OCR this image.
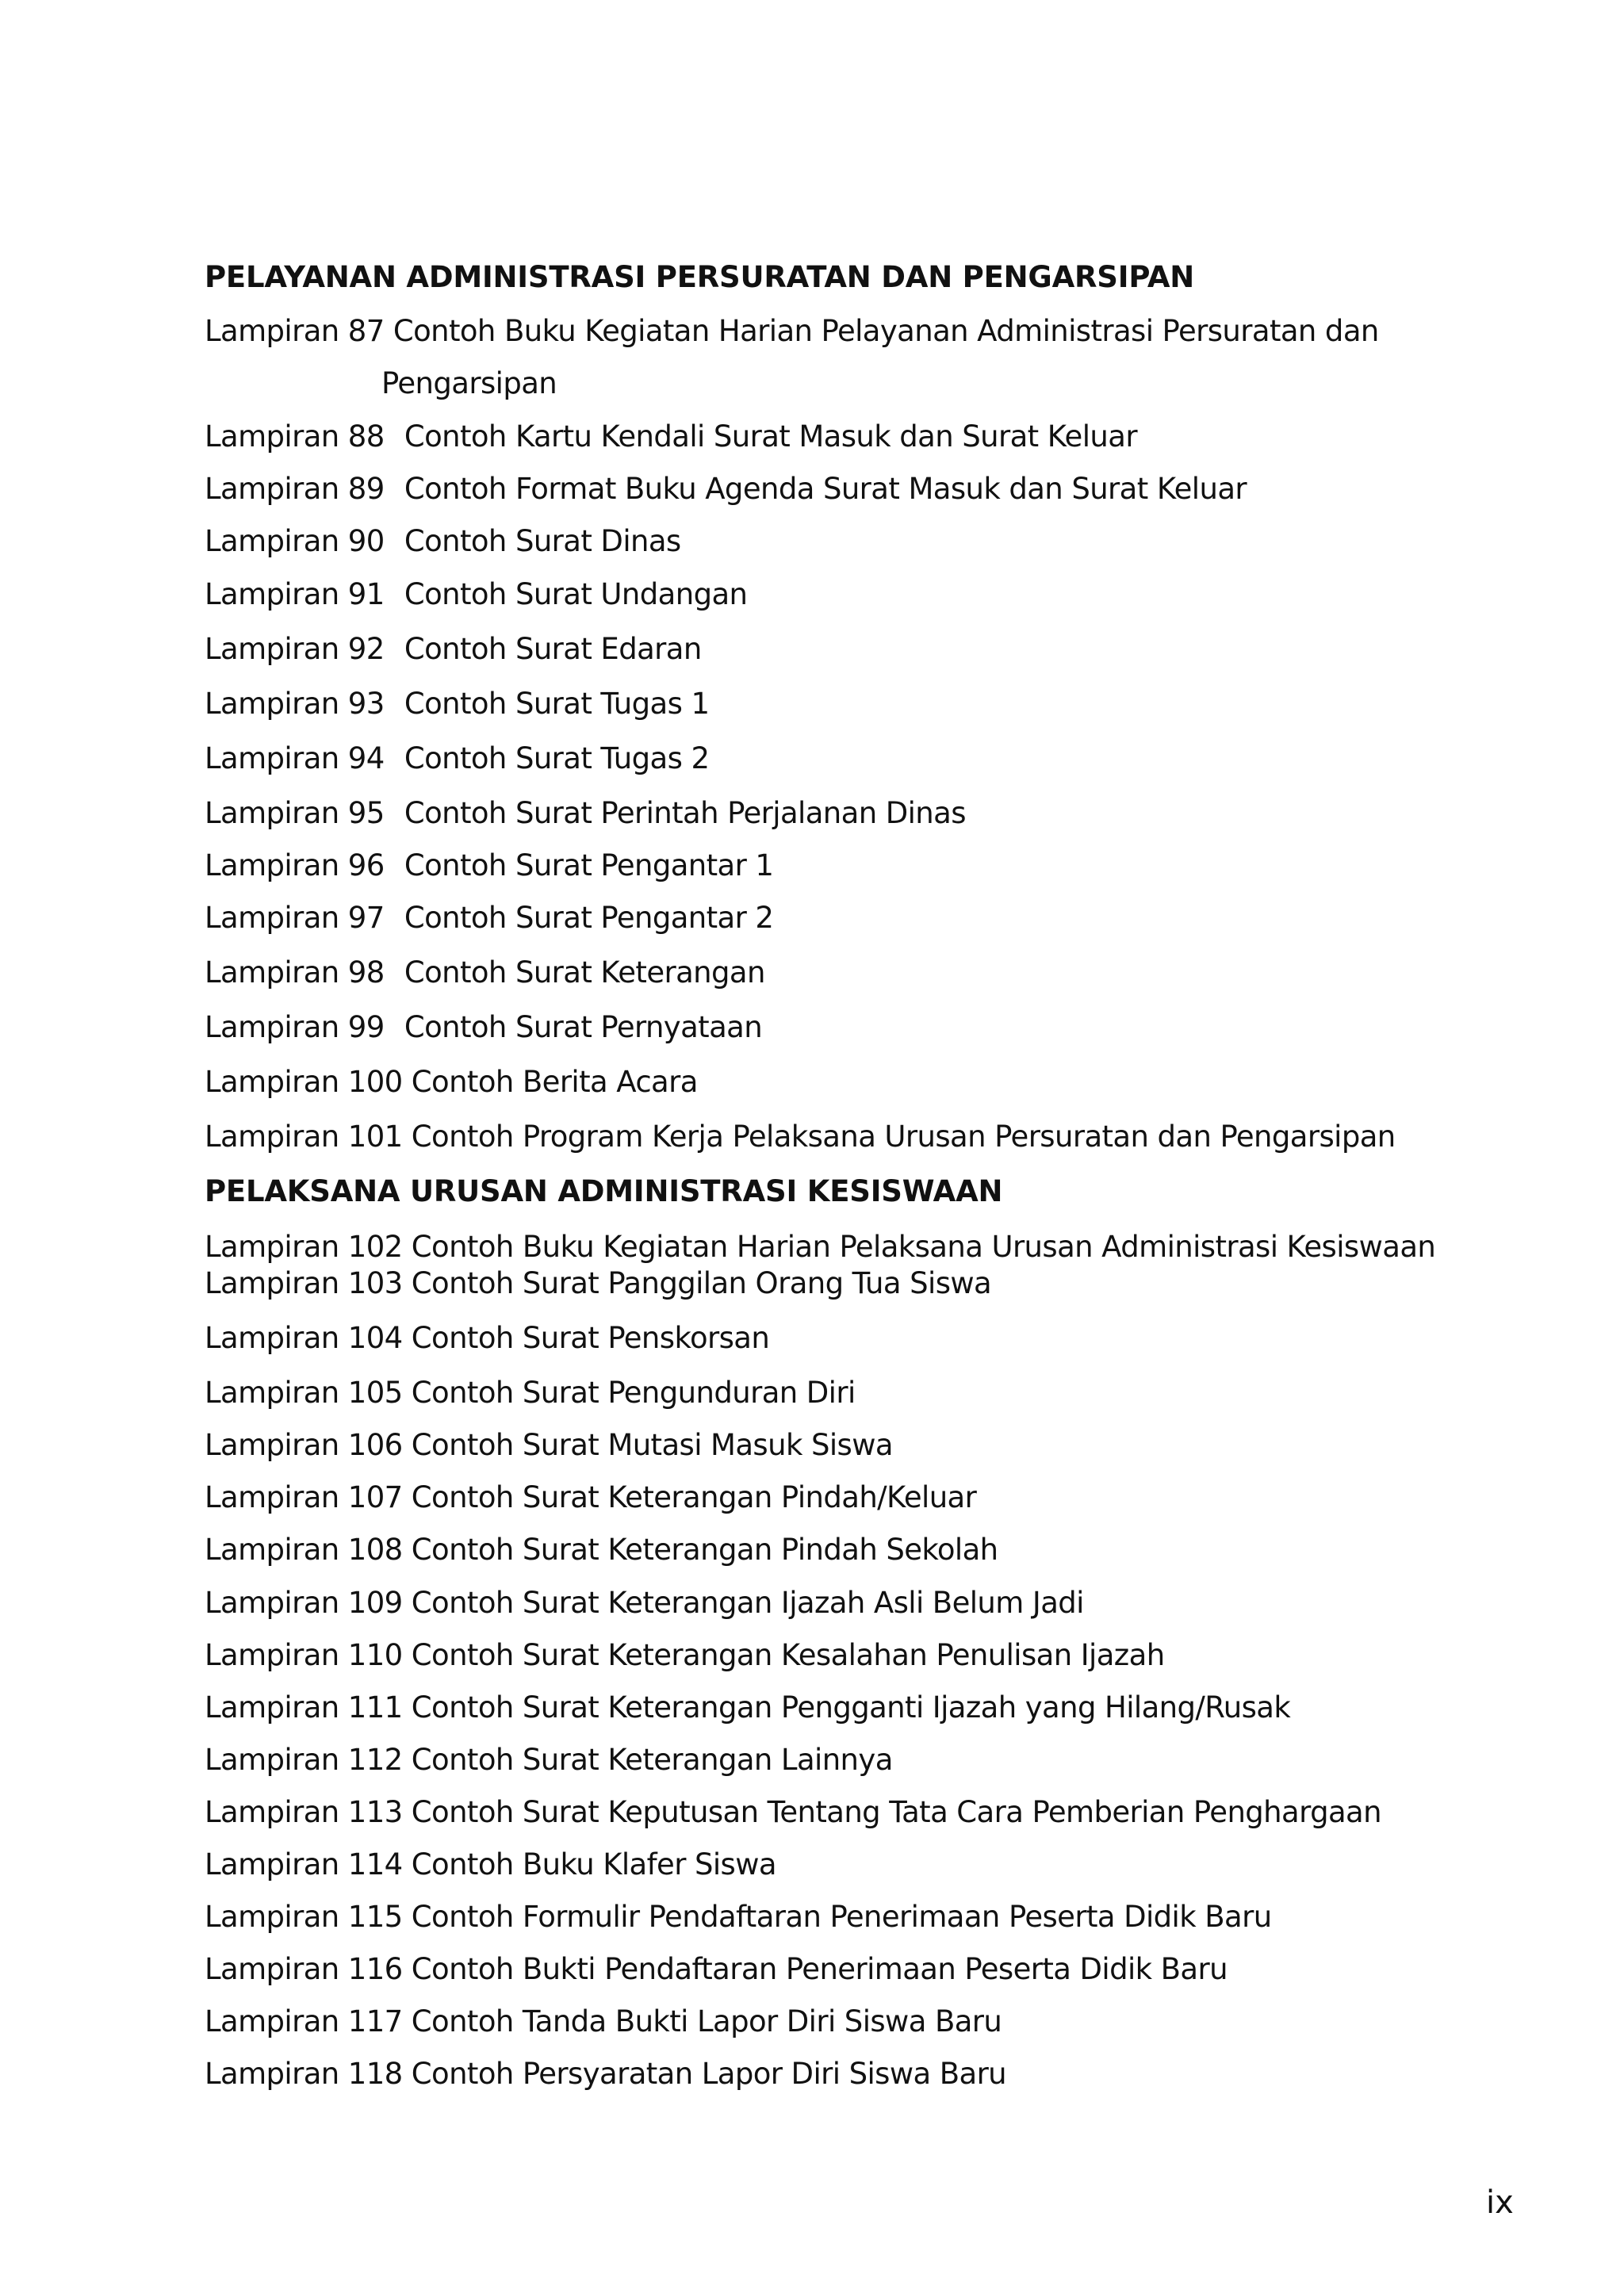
PELAYANAN ADMINISTRASI PERSURATAN DAN PENGARSIPAN
Lampiran 87 Contoh Buku Kegiatan Harian Pelayanan Administrasi Persuratan dan
Pengarsipan
Lampiran 88 Contoh Kartu Kendali Surat Masuk dan Surat Keluar
Lampiran 89 Contoh Format Buku Agenda Surat Masuk dan Surat Keluar
Lampiran 90 Contoh Surat Dinas
Lampiran 91 Contoh Surat Undangan
Lampiran 92 Contoh Surat Edaran
Lampiran 93 Contoh Surat Tugas 1
Lampiran 94 Contoh Surat Tugas 2
Lampiran 95 Contoh Surat Perintah Perjalanan Dinas
Lampiran 96 Contoh Surat Pengantar 1
Lampiran 97 Contoh Surat Pengantar 2
Lampiran 98 Contoh Surat Keterangan
Lampiran 99 Contoh Surat Pernyataan
Lampiran 100 Contoh Berita Acara
Lampiran 101 Contoh Program Kerja Pelaksana Urusan Persuratan dan Pengarsipan
PELAKSANA URUSAN ADMINISTRASI KESISWAAN
Lampiran 102 Contoh Buku Kegiatan Harian Pelaksana Urusan Administrasi Kesiswaan
Lampiran 103 Contoh Surat Panggilan Orang Tua Siswa
Lampiran 104 Contoh Surat Penskorsan
Lampiran 105 Contoh Surat Pengunduran Diri
Lampiran 106 Contoh Surat Mutasi Masuk Siswa
Lampiran 107 Contoh Surat Keterangan Pindah/Keluar
Lampiran 108 Contoh Surat Keterangan Pindah Sekolah
Lampiran 109 Contoh Surat Keterangan Ijazah Asli Belum Jadi
Lampiran 110 Contoh Surat Keterangan Kesalahan Penulisan Ijazah
Lampiran 111 Contoh Surat Keterangan Pengganti Ijazah yang Hilang/Rusak
Lampiran 112 Contoh Surat Keterangan Lainnya
Lampiran 113 Contoh Surat Keputusan Tentang Tata Cara Pemberian Penghargaan
Lampiran 114 Contoh Buku Klafer Siswa
Lampiran 115 Contoh Formulir Pendaftaran Penerimaan Peserta Didik Baru
Lampiran 116 Contoh Bukti Pendaftaran Penerimaan Peserta Didik Baru
Lampiran 117 Contoh Tanda Bukti Lapor Diri Siswa Baru
Lampiran 118 Contoh Persyaratan Lapor Diri Siswa Baru
ix
